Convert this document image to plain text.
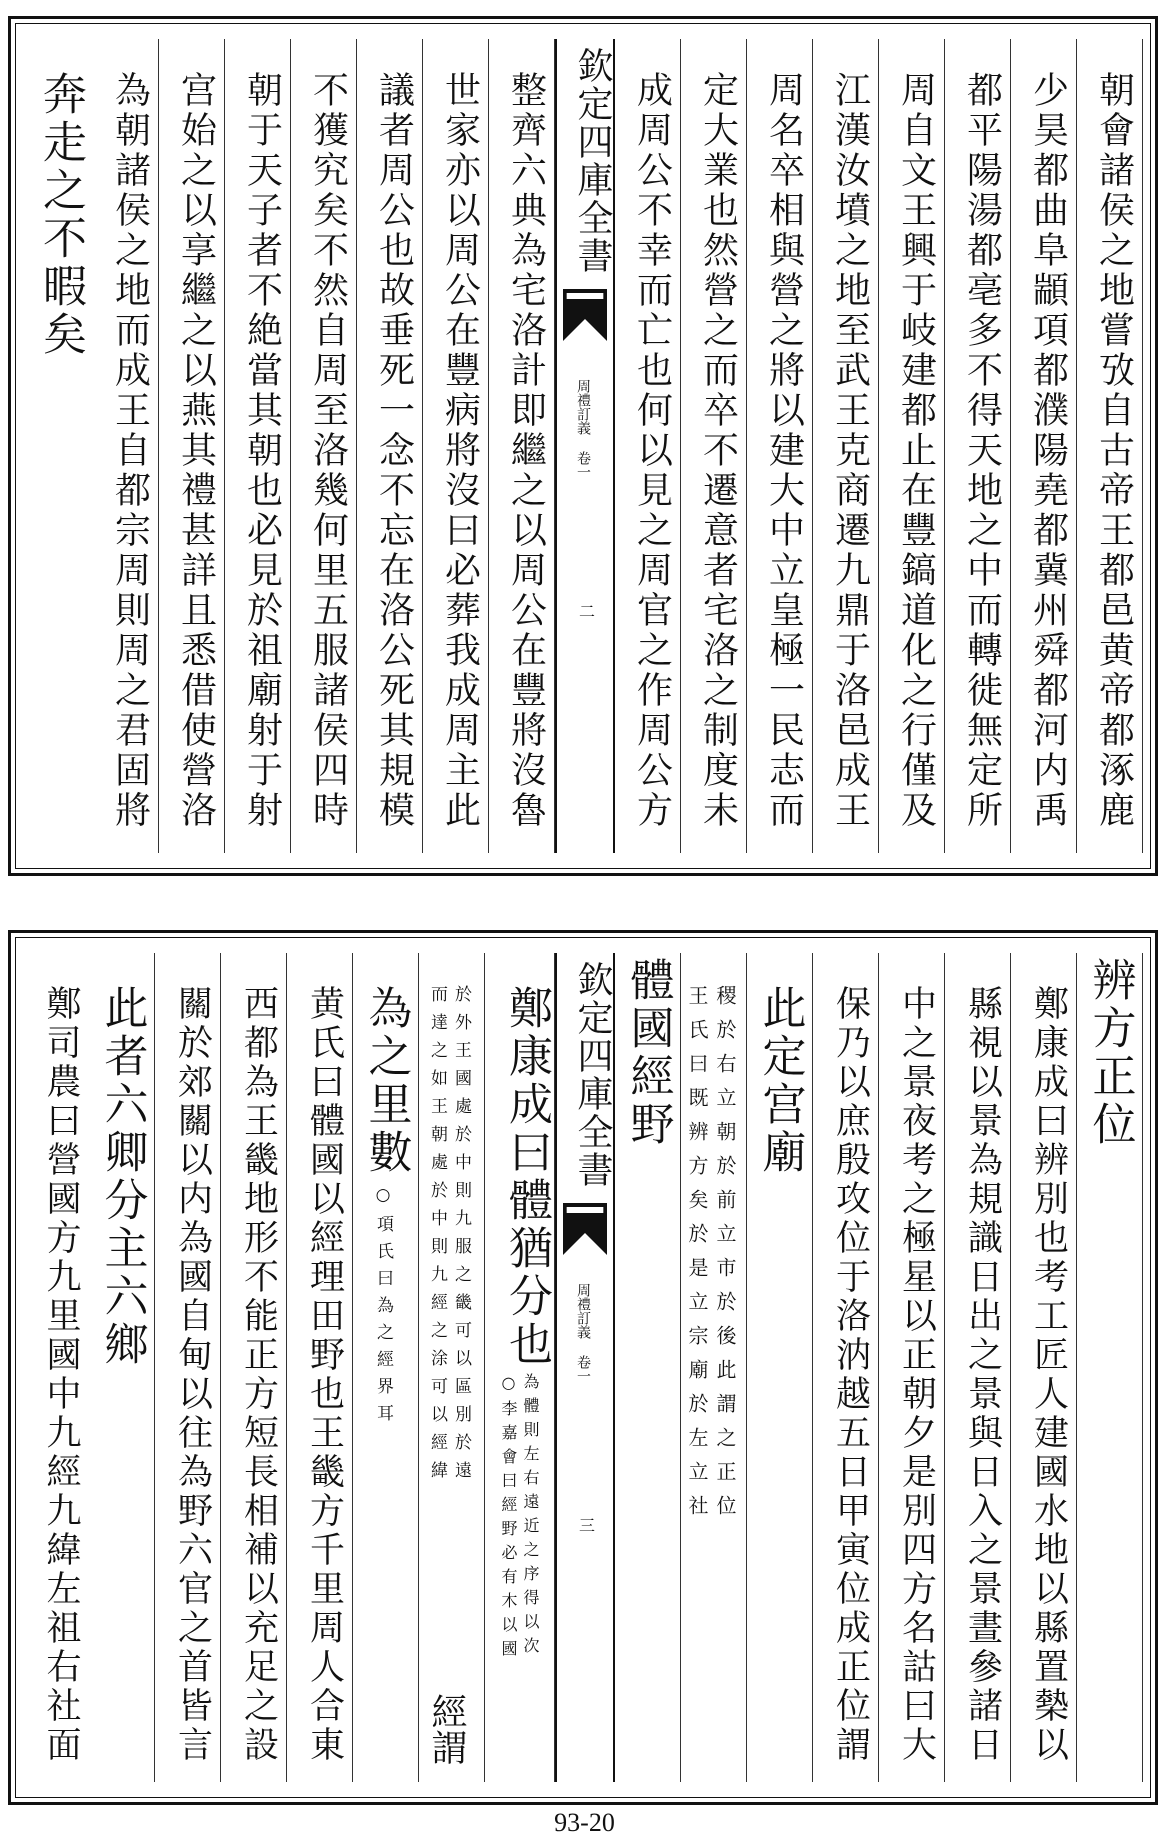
朝會諸侯之地嘗攷自古帝王都邑黄帝都涿鹿
少昊都曲阜顓項都濮陽堯都冀州舜都河内禹
都平陽湯都亳多不得天地之中而轉徙無定所
周自文王興于岐建都止在豐鎬道化之行僅及
江漢汝墳之地至武王克商遷九鼎于洛邑成王
周名卒相與營之將以建大中立皇極一民志而
定大業也然營之而卒不遷意者宅洛之制度未
成周公不幸而亡也何以見之周官之作周公方
欽定四庫全書
周禮訂義 卷一
二
整齊六典為宅洛計即繼之以周公在豐將沒魯
世家亦以周公在豐病將沒曰必葬我成周主此
議者周公也故垂死一念不忘在洛公死其規模
不獲究矣不然自周至洛幾何里五服諸侯四時
朝于天子者不絶當其朝也必見於祖廟射于射
宫始之以享繼之以燕其禮甚詳且悉借使營洛
為朝諸侯之地而成王自都宗周則周之君固將
奔走之不暇矣
辨方正位
鄭康成曰辨別也考工匠人建國水地以縣置槷以
縣視以景為規識日出之景與日入之景晝參諸日
中之景夜考之極星以正朝夕是別四方名詁曰大
保乃以庶殷攻位于洛汭越五日甲寅位成正位謂
此定宫廟
王氏曰既辨方矣於是立宗廟於左立社 稷於右立朝於前立市於後此謂之正位
體國經野
欽定四庫全書
周禮訂義 卷一
三
鄭康成曰體猶分也
○李嘉會曰經野必有木以國 為體則左右遠近之序得以次
而達之如王朝處於中則九經之涂可以經緯 於外王國處於中則九服之畿可以區別於遠
經謂
為之里數
○項氏曰為之經界耳
黄氏曰體國以經理田野也王畿方千里周人合東
西都為王畿地形不能正方短長相補以充足之設
關於郊關以内為國自甸以往為野六官之首皆言
此者六卿分主六鄉
鄭司農曰營國方九里國中九經九緯左祖右社面
93-20
